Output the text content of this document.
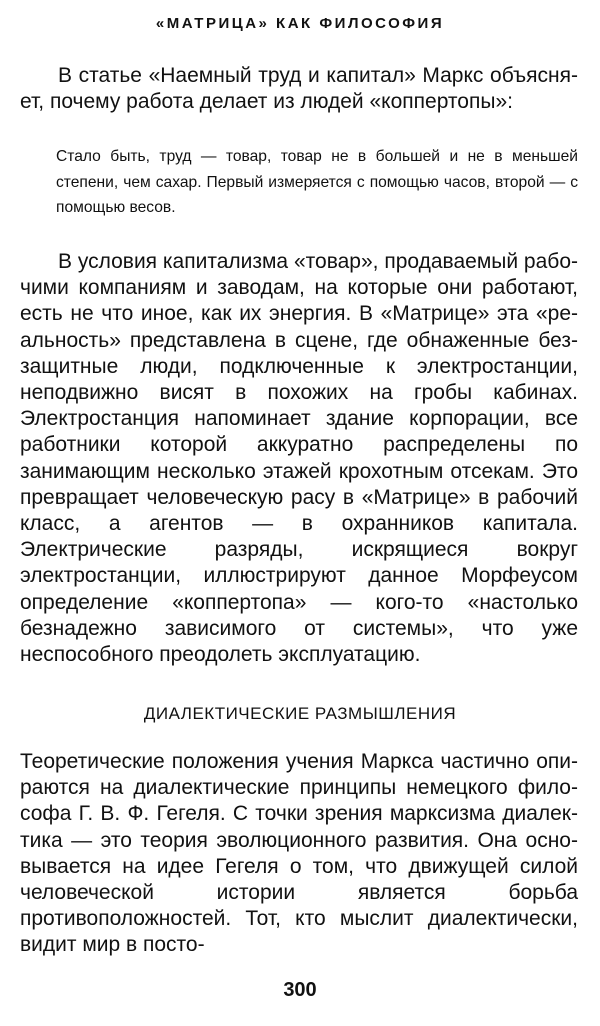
«МАТРИЦА» КАК ФИЛОСОФИЯ

В статье «Наемный труд и капитал» Маркс объясняет, почему работа делает из людей «коппертопы»:

Стало быть, труд — товар, товар не в большей и не в меньшей степени, чем сахар. Первый измеряется с помощью часов, второй — с помощью весов.

В условия капитализма «товар», продаваемый рабочими компаниям и заводам, на которые они работают, есть не что иное, как их энергия. В «Матрице» эта «реальность» представлена в сцене, где обнаженные беззащитные люди, подключенные к электростанции, неподвижно висят в похожих на гробы кабинах. Электростанция напоминает здание корпорации, все работники которой аккуратно распределены по занимающим несколько этажей крохотным отсекам. Это превращает человеческую расу в «Матрице» в рабочий класс, а агентов — в охранников капитала. Электрические разряды, искрящиеся вокруг электростанции, иллюстрируют данное Морфеусом определение «коппертопа» — кого-то «настолько безнадежно зависимого от системы», что уже неспособного преодолеть эксплуатацию.

ДИАЛЕКТИЧЕСКИЕ РАЗМЫШЛЕНИЯ

Теоретические положения учения Маркса частично опираются на диалектические принципы немецкого философа Г. В. Ф. Гегеля. С точки зрения марксизма диалектика — это теория эволюционного развития. Она основывается на идее Гегеля о том, что движущей силой человеческой истории является борьба противоположностей. Тот, кто мыслит диалектически, видит мир в посто-

300
